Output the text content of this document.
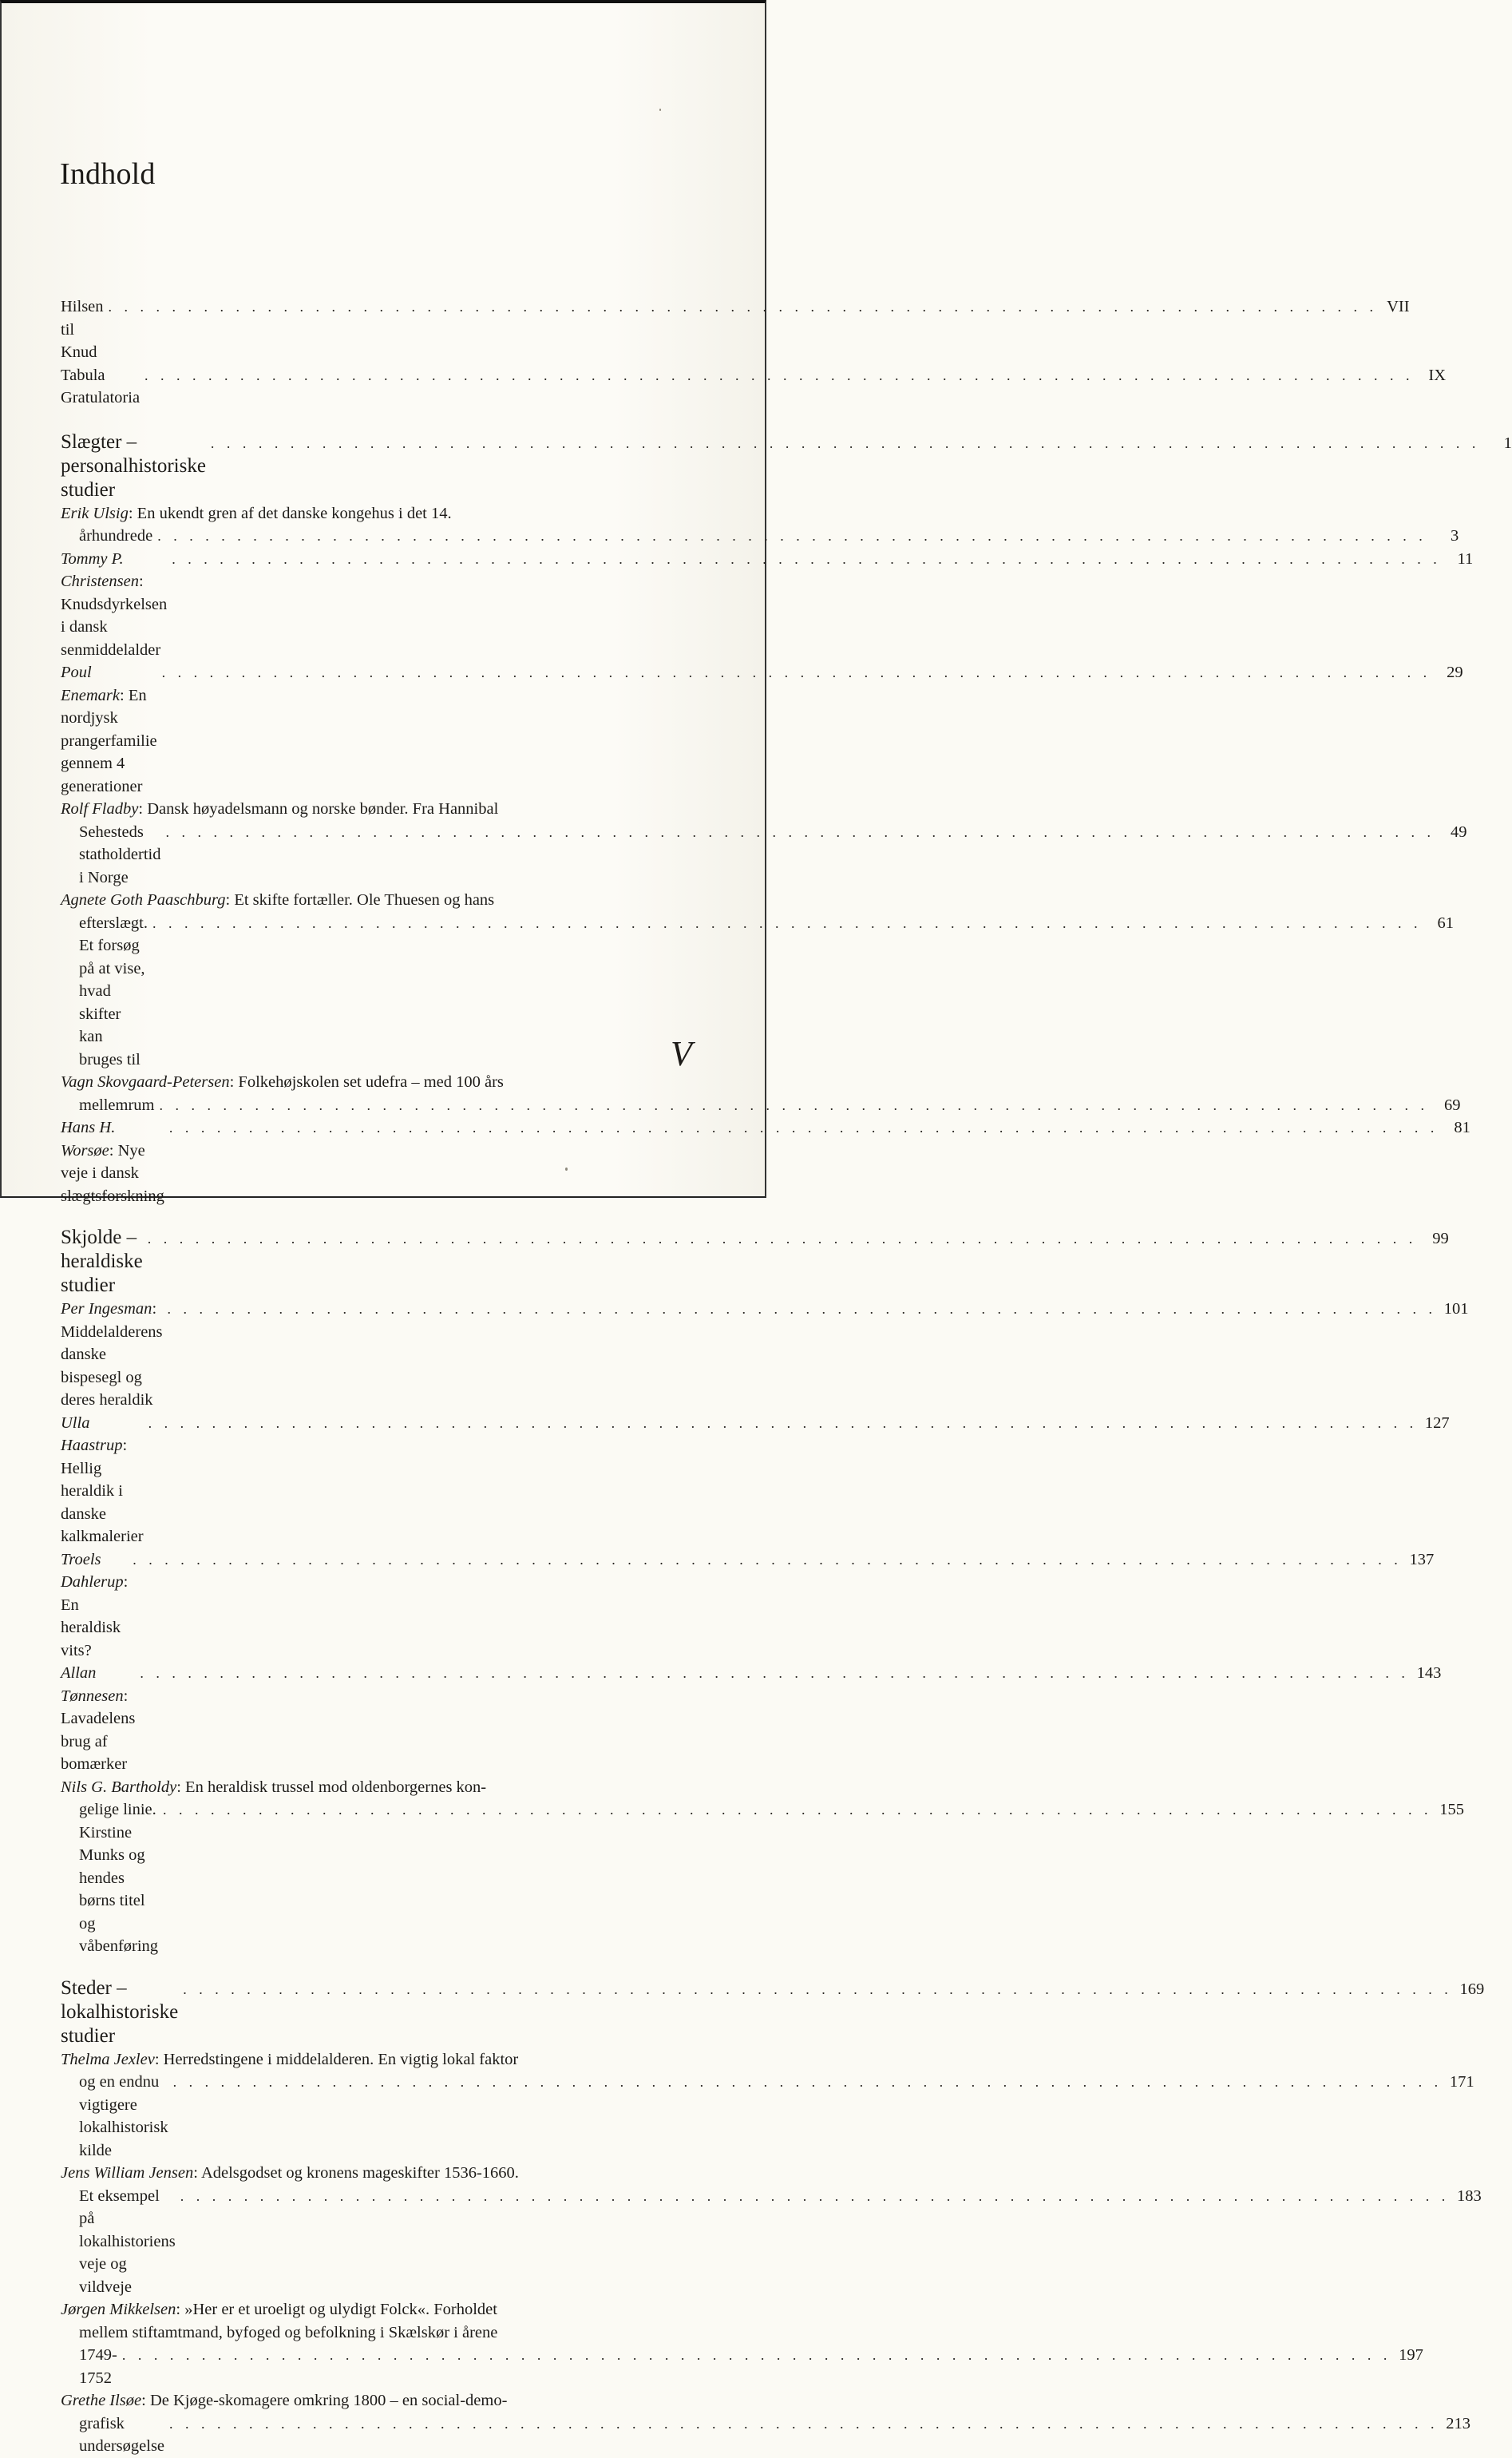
Indhold
Hilsen til Knud
. . . . . . . . . . . . . . . . . . . . . . . . . . . . . . . . . . . . . . . . . . . . . . . . . . . . . . . . . . . . . . . . . . . . . . . . . . . . . . . . VII
Tabula Gratulatoria
. . . . . . . . . . . . . . . . . . . . . . . . . . . . . . . . . . . . . . . . . . . . . . . . . . . . . . . . . . . . . . . . . . . . . . . . . . . . . . . . IX
Slægter – personalhistoriske studier
. . . . . . . . . . . . . . . . . . . . . . . . . . . . . . . . . . . . . . . . . . . . . . . . . . . . . . . . . . . . . . . . . . . . . . . . . . . . . . . .	1
Erik Ulsig: En ukendt gren af det danske kongehus i det 14.
århundrede . . . . . . . . . . . . . . . . . . . . . . . . . . . . . . . . . . . . . . . . . . . . . . . . . . . . . . . . . . . . . . . . . . . . . . . . . . . . . . . .	3
Tommy P. Christensen: Knudsdyrkelsen i dansk senmiddelalder
. . . . . . . . . . . . . . . . . . . . . . . . . . . . . . . . . . . . . . . . . . . . . . . . . . . . . . . . . . . . . . . . . . . . . . . . . . . . . . . . 11
Poul Enemark: En nordjysk prangerfamilie gennem 4 generationer
. . . . . . . . . . . . . . . . . . . . . . . . . . . . . . . . . . . . . . . . . . . . . . . . . . . . . . . . . . . . . . . . . . . . . . . . . . . . . . . . 29
Rolf Fladby: Dansk høyadelsmann og norske bønder. Fra Hannibal
Sehesteds statholdertid i Norge
. . . . . . . . . . . . . . . . . . . . . . . . . . . . . . . . . . . . . . . . . . . . . . . . . . . . . . . . . . . . . . . . . . . . . . . . . . . . . . . . 49
Agnete Goth Paaschburg: Et skifte fortæller. Ole Thuesen og hans
efterslægt. Et forsøg på at vise, hvad skifter kan bruges til
. . . . . . . . . . . . . . . . . . . . . . . . . . . . . . . . . . . . . . . . . . . . . . . . . . . . . . . . . . . . . . . . . . . . . . . . . . . . . . . . 61
Vagn Skovgaard-Petersen: Folkehøjskolen set udefra – med 100 års
mellemrum . . . . . . . . . . . . . . . . . . . . . . . . . . . . . . . . . . . . . . . . . . . . . . . . . . . . . . . . . . . . . . . . . . . . . . . . . . . . . . . . 69
Hans H. Worsøe: Nye veje i dansk slægtsforskning
. . . . . . . . . . . . . . . . . . . . . . . . . . . . . . . . . . . . . . . . . . . . . . . . . . . . . . . . . . . . . . . . . . . . . . . . . . . . . . . . 81
Skjolde – heraldiske studier
. . . . . . . . . . . . . . . . . . . . . . . . . . . . . . . . . . . . . . . . . . . . . . . . . . . . . . . . . . . . . . . . . . . . . . . . . . . . . . . . 99
Per Ingesman: Middelalderens danske bispesegl og deres heraldik
. . . . . . . . . . . . . . . . . . . . . . . . . . . . . . . . . . . . . . . . . . . . . . . . . . . . . . . . . . . . . . . . . . . . . . . . . . . . . . . . 101
Ulla Haastrup: Hellig heraldik i danske kalkmalerier
. . . . . . . . . . . . . . . . . . . . . . . . . . . . . . . . . . . . . . . . . . . . . . . . . . . . . . . . . . . . . . . . . . . . . . . . . . . . . . . . 127
Troels Dahlerup: En heraldisk vits?
. . . . . . . . . . . . . . . . . . . . . . . . . . . . . . . . . . . . . . . . . . . . . . . . . . . . . . . . . . . . . . . . . . . . . . . . . . . . . . . . 137
Allan Tønnesen: Lavadelens brug af bomærker
. . . . . . . . . . . . . . . . . . . . . . . . . . . . . . . . . . . . . . . . . . . . . . . . . . . . . . . . . . . . . . . . . . . . . . . . . . . . . . . . 143
Nils G. Bartholdy: En heraldisk trussel mod oldenborgernes kon-
gelige linie. Kirstine Munks og hendes børns titel og våbenføring
. . . . . . . . . . . . . . . . . . . . . . . . . . . . . . . . . . . . . . . . . . . . . . . . . . . . . . . . . . . . . . . . . . . . . . . . . . . . . . . . 155
Steder – lokalhistoriske studier
. . . . . . . . . . . . . . . . . . . . . . . . . . . . . . . . . . . . . . . . . . . . . . . . . . . . . . . . . . . . . . . . . . . . . . . . . . . . . . . . 169
Thelma Jexlev: Herredstingene i middelalderen. En vigtig lokal faktor
og en endnu vigtigere lokalhistorisk kilde
. . . . . . . . . . . . . . . . . . . . . . . . . . . . . . . . . . . . . . . . . . . . . . . . . . . . . . . . . . . . . . . . . . . . . . . . . . . . . . . . 171
Jens William Jensen: Adelsgodset og kronens mageskifter 1536-1660.
Et eksempel på lokalhistoriens veje og vildveje
. . . . . . . . . . . . . . . . . . . . . . . . . . . . . . . . . . . . . . . . . . . . . . . . . . . . . . . . . . . . . . . . . . . . . . . . . . . . . . . . 183
Jørgen Mikkelsen: »Her er et uroeligt og ulydigt Folck«. Forholdet
mellem stiftamtmand, byfoged og befolkning i Skælskør i årene
1749-1752
. . . . . . . . . . . . . . . . . . . . . . . . . . . . . . . . . . . . . . . . . . . . . . . . . . . . . . . . . . . . . . . . . . . . . . . . . . . . . . . . 197
Grethe Ilsøe: De Kjøge-skomagere omkring 1800 – en social-demo-
grafisk undersøgelse
. . . . . . . . . . . . . . . . . . . . . . . . . . . . . . . . . . . . . . . . . . . . . . . . . . . . . . . . . . . . . . . . . . . . . . . . . . . . . . . . 213
V
